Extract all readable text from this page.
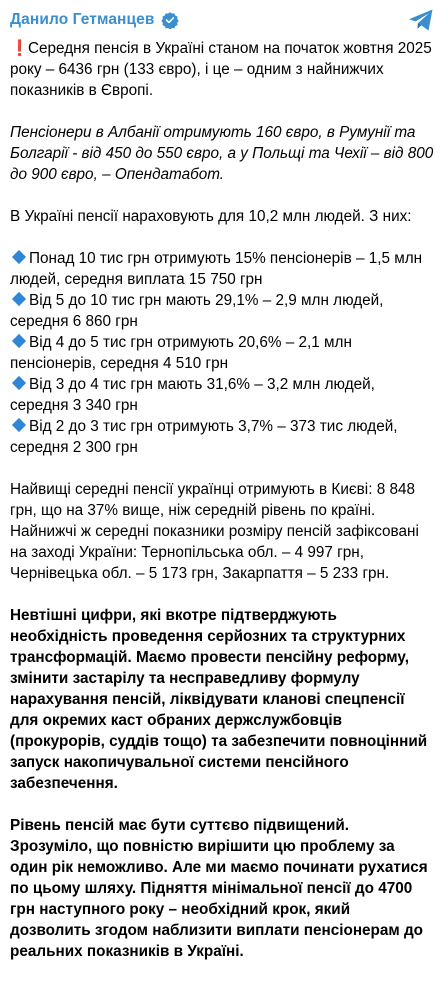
Данило Гетманцев

❗Середня пенсія в Україні станом на початок жовтня 2025 року – 6436 грн (133 євро), і це – одним з найнижчих показників в Європі.

Пенсіонери в Албанії отримують 160 євро, в Румунії та Болгарії - від 450 до 550 євро, а у Польщі та Чехії – від 800 до 900 євро, – Опендатабот.

В Україні пенсії нараховують для 10,2 млн людей. З них:

Понад 10 тис грн отримують 15% пенсіонерів – 1,5 млн людей, середня виплата 15 750 грн

Від 5 до 10 тис грн мають 29,1% – 2,9 млн людей, середня 6 860 грн

Від 4 до 5 тис грн отримують 20,6% – 2,1 млн пенсіонерів, середня 4 510 грн

Від 3 до 4 тис грн мають 31,6% – 3,2 млн людей, середня 3 340 грн

Від 2 до 3 тис грн отримують 3,7% – 373 тис людей, середня 2 300 грн

Найвищі середні пенсії українці отримують в Києві: 8 848 грн, що на 37% вище, ніж середній рівень по країні. Найнижчі ж середні показники розміру пенсій зафіксовані на заході України: Тернопільська обл. – 4 997 грн, Чернівецька обл. – 5 173 грн, Закарпаття – 5 233 грн.

Невтішні цифри, які вкотре підтверджують необхідність проведення серйозних та структурних трансформацій. Маємо провести пенсійну реформу, змінити застарілу та несправедливу формулу нарахування пенсій, ліквідувати кланові спецпенсії для окремих каст обраних держслужбовців (прокурорів, суддів тощо) та забезпечити повноцінний запуск накопичувальної системи пенсійного забезпечення.

Рівень пенсій має бути суттєво підвищений. Зрозуміло, що повністю вирішити цю проблему за один рік неможливо. Але ми маємо починати рухатися по цьому шляху. Підняття мінімальної пенсії до 4700 грн наступного року – необхідний крок, який дозволить згодом наблизити виплати пенсіонерам до реальних показників в Україні.
